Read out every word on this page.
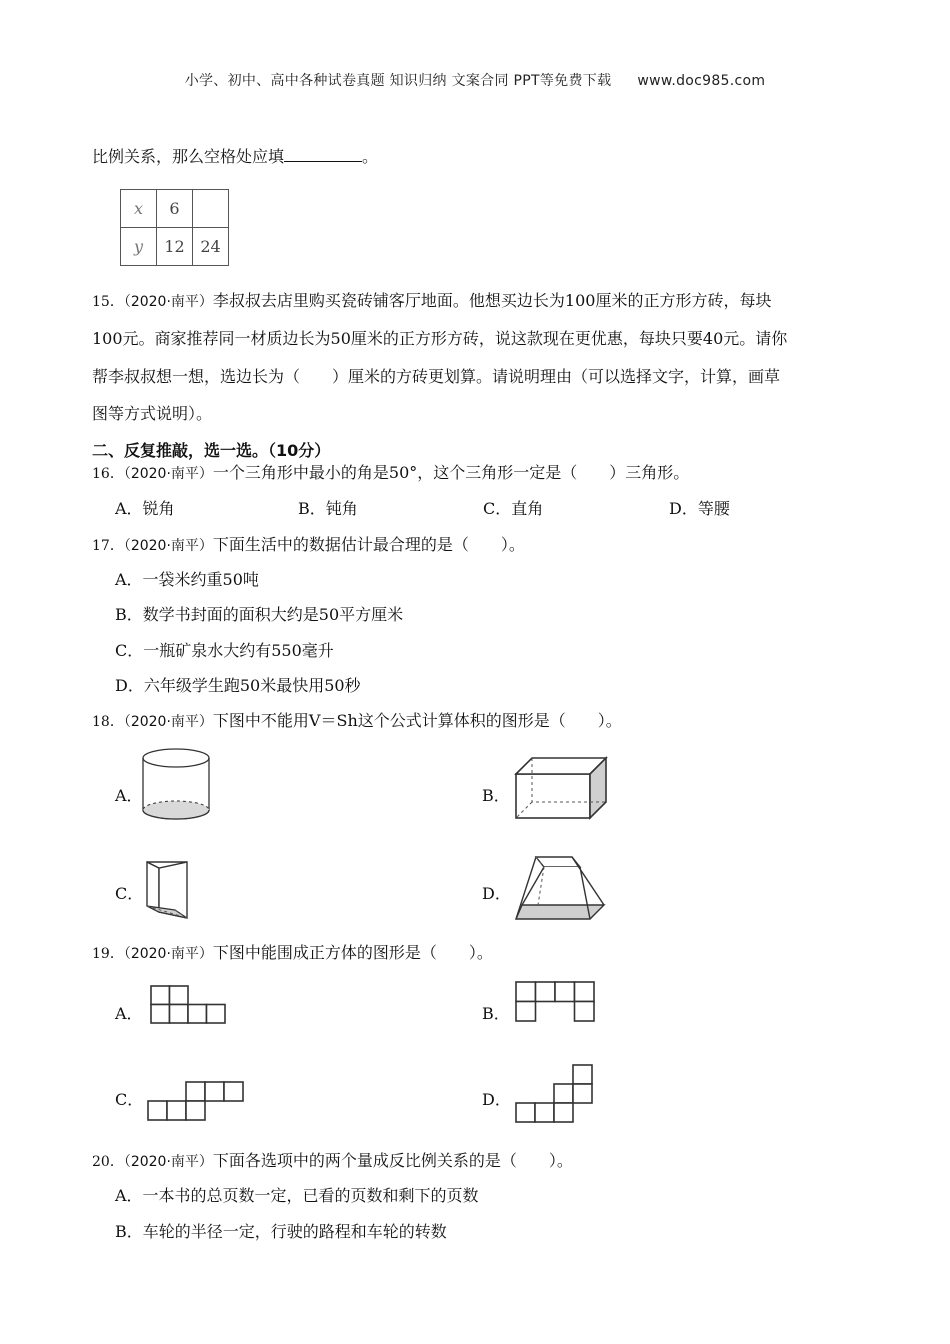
小学、初中、高中各种试卷真题 知识归纳 文案合同 PPT等免费下载 www.doc985.com
比例关系，那么空格处应填	。
x	6	
y	12	24
15．（2020·南平）李叔叔去店里购买瓷砖铺客厅地面。他想买边长为100厘米的正方形方砖，每块
100元。商家推荐同一材质边长为50厘米的正方形方砖，说这款现在更优惠，每块只要40元。请你
帮李叔叔想一想，选边长为（　　）厘米的方砖更划算。请说明理由（可以选择文字，计算，画草
图等方式说明）。
二、反复推敲，选一选。（10分）
16．（2020·南平）一个三角形中最小的角是50°，这个三角形一定是（　　）三角形。
A．锐角	B．钝角	C．直角	D．等腰
17．（2020·南平）下面生活中的数据估计最合理的是（　　）。
A．一袋米约重50吨
B．数学书封面的面积大约是50平方厘米
C．一瓶矿泉水大约有550毫升
D．六年级学生跑50米最快用50秒
18．（2020·南平）下图中不能用V＝Sh这个公式计算体积的图形是（　　）。
A．	B．
C．	D．
19．（2020·南平）下图中能围成正方体的图形是（　　）。
A．	B．
C．	D．
20．（2020·南平）下面各选项中的两个量成反比例关系的是（　　）。
A．一本书的总页数一定，已看的页数和剩下的页数
B．车轮的半径一定，行驶的路程和车轮的转数
